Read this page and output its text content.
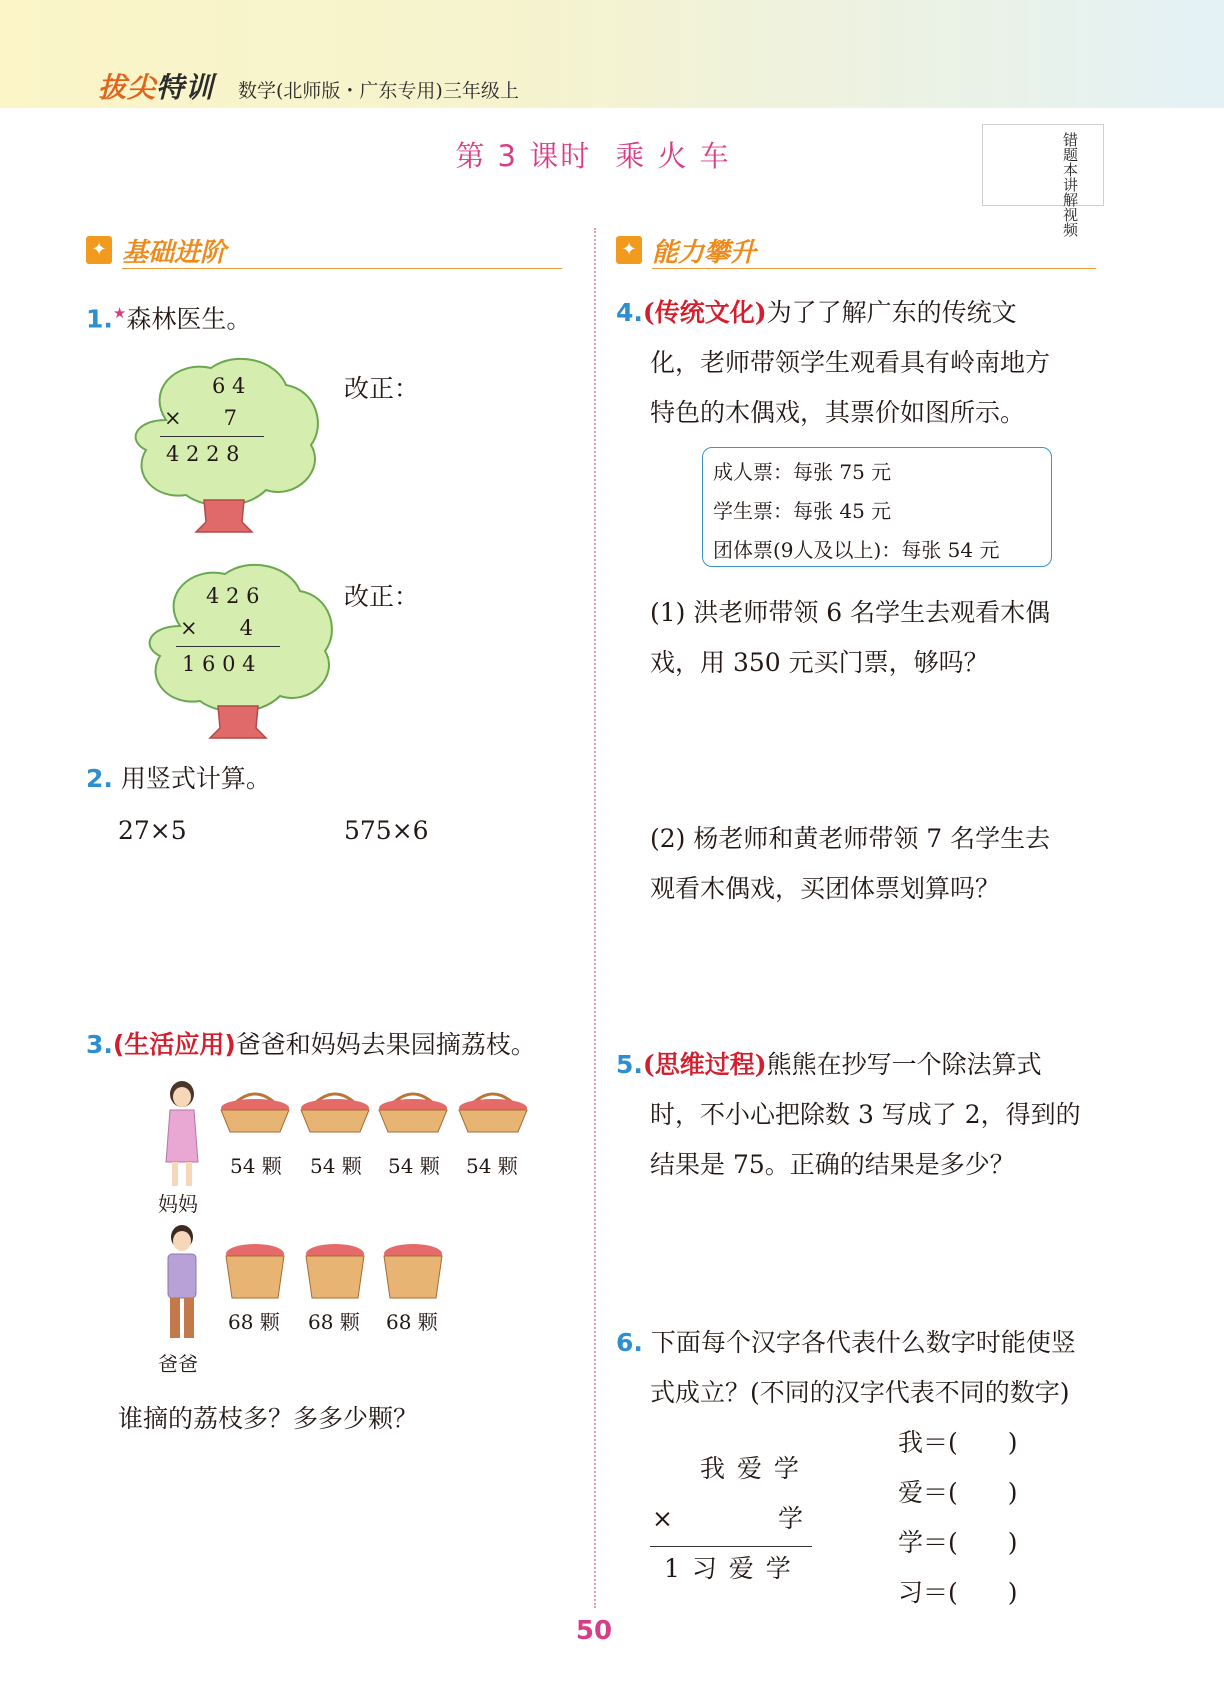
拔尖特训 数学(北师版・广东专用)三年级上
第 3 课时 乘 火 车	错题本讲解视频
✦ 基础进阶	✦ 能力攀升
1.★森林医生。
6 4
×　　7
4 2 2 8
改正：
4 2 6
×　　4
1 6 0 4
改正：
2. 用竖式计算。
27×5	575×6
3.(生活应用)爸爸和妈妈去果园摘荔枝。
妈妈
54 颗 54 颗 54 颗 54 颗
爸爸
68 颗 68 颗 68 颗
谁摘的荔枝多？多多少颗？
4.(传统文化)为了了解广东的传统文
化，老师带领学生观看具有岭南地方
特色的木偶戏，其票价如图所示。
成人票：每张 75 元
学生票：每张 45 元
团体票(9人及以上)：每张 54 元
(1) 洪老师带领 6 名学生去观看木偶
戏，用 350 元买门票，够吗？
(2) 杨老师和黄老师带领 7 名学生去
观看木偶戏，买团体票划算吗？
5.(思维过程)熊熊在抄写一个除法算式
时，不小心把除数 3 写成了 2，得到的
结果是 75。正确的结果是多少？
6. 下面每个汉字各代表什么数字时能使竖
式成立？(不同的汉字代表不同的数字)
我 爱 学
×	学
1 习 爱 学
我＝(　　)
爱＝(　　)
学＝(　　)
习＝(　　)
50
